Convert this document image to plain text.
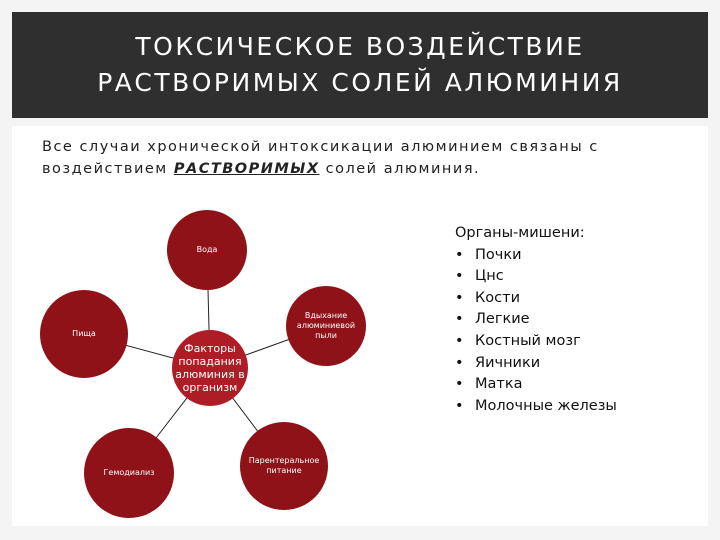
ТОКСИЧЕСКОЕ ВОЗДЕЙСТВИЕ
РАСТВОРИМЫХ СОЛЕЙ АЛЮМИНИЯ
Все случаи хронической интоксикации алюминием связаны с воздействием РАСТВОРИМЫХ солей алюминия.
Вода
Пища
Вдыхание алюминиевой пыли
Гемодиализ
Парентеральное питание
Факторы попадания алюминия в организм
Органы-мишени:
• Почки
• Цнс
• Кости
• Легкие
• Костный мозг
• Яичники
• Матка
• Молочные железы
